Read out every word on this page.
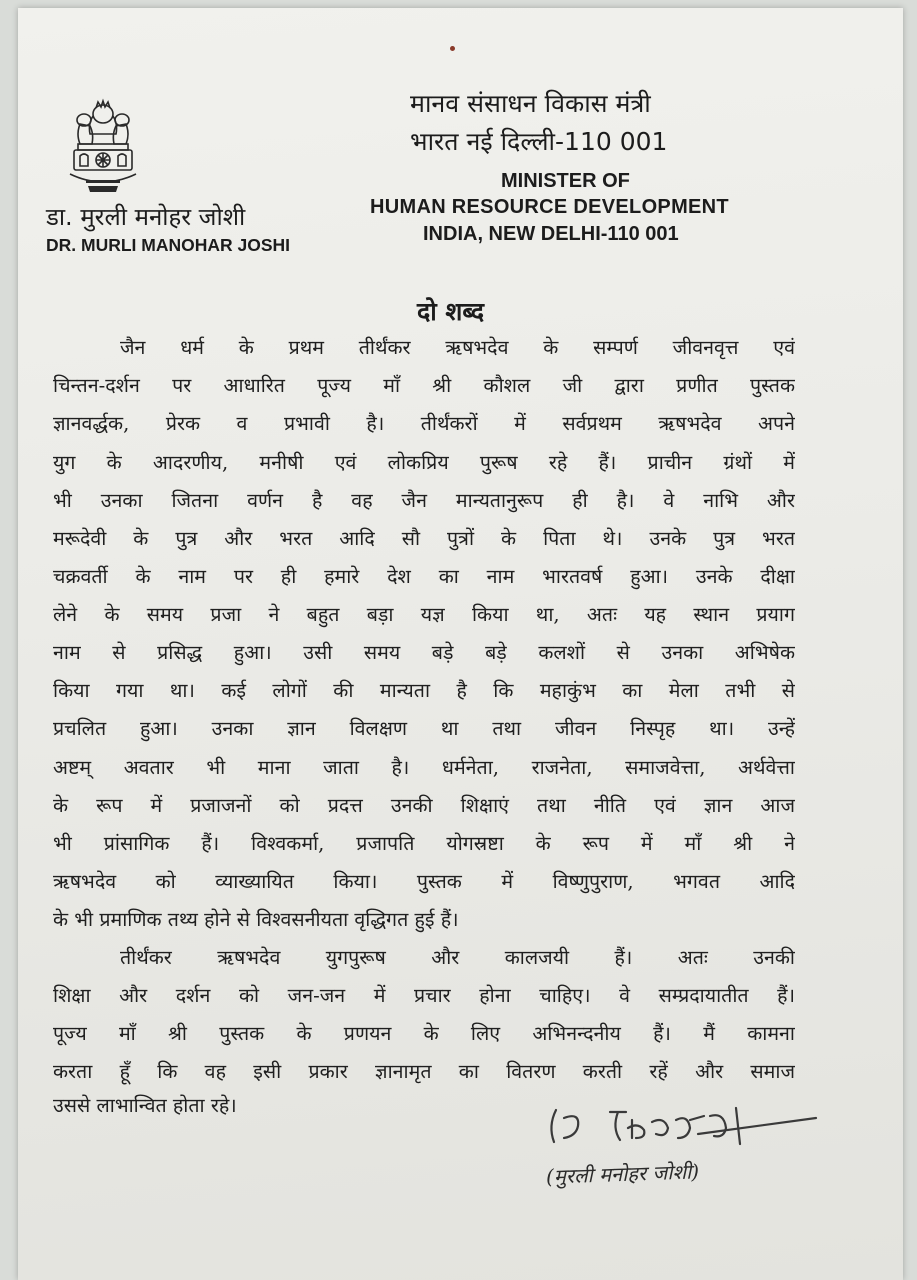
मानव संसाधन विकास मंत्री
भारत नई दिल्ली-110 001
MINISTER OF
HUMAN RESOURCE DEVELOPMENT
INDIA, NEW DELHI-110 001
डा. मुरली मनोहर जोशी
DR. MURLI MANOHAR JOSHI
दो शब्द
जैन धर्म के प्रथम तीर्थंकर ऋषभदेव के सम्पर्ण जीवनवृत्त एवं
चिन्तन-दर्शन पर आधारित पूज्य माँ श्री कौशल जी द्वारा प्रणीत पुस्तक
ज्ञानवर्द्धक, प्रेरक व प्रभावी है। तीर्थंकरों में सर्वप्रथम ऋषभदेव अपने
युग के आदरणीय, मनीषी एवं लोकप्रिय पुरूष रहे हैं। प्राचीन ग्रंथों में
भी उनका जितना वर्णन है वह जैन मान्यतानुरूप ही है। वे नाभि और
मरूदेवी के पुत्र और भरत आदि सौ पुत्रों के पिता थे। उनके पुत्र भरत
चक्रवर्ती के नाम पर ही हमारे देश का नाम भारतवर्ष हुआ। उनके दीक्षा
लेने के समय प्रजा ने बहुत बड़ा यज्ञ किया था, अतः यह स्थान प्रयाग
नाम से प्रसिद्ध हुआ। उसी समय बड़े बड़े कलशों से उनका अभिषेक
किया गया था। कई लोगों की मान्यता है कि महाकुंभ का मेला तभी से
प्रचलित हुआ। उनका ज्ञान विलक्षण था तथा जीवन निस्पृह था। उन्हें
अष्टम् अवतार भी माना जाता है। धर्मनेता, राजनेता, समाजवेत्ता, अर्थवेत्ता
के रूप में प्रजाजनों को प्रदत्त उनकी शिक्षाएं तथा नीति एवं ज्ञान आज
भी प्रांसागिक हैं। विश्वकर्मा, प्रजापति योगस्रष्टा के रूप में माँ श्री ने
ऋषभदेव को व्याख्यायित किया। पुस्तक में विष्णुपुराण, भगवत आदि
के भी प्रमाणिक तथ्य होने से विश्वसनीयता वृद्धिगत हुई हैं।
तीर्थंकर ऋषभदेव युगपुरूष और कालजयी हैं। अतः उनकी
शिक्षा और दर्शन को जन-जन में प्रचार होना चाहिए। वे सम्प्रदायातीत हैं।
पूज्य माँ श्री पुस्तक के प्रणयन के लिए अभिनन्दनीय हैं। मैं कामना
करता हूँ कि वह इसी प्रकार ज्ञानामृत का वितरण करती रहें और समाज
उससे लाभान्वित होता रहे।
(मुरली मनोहर जोशी)
